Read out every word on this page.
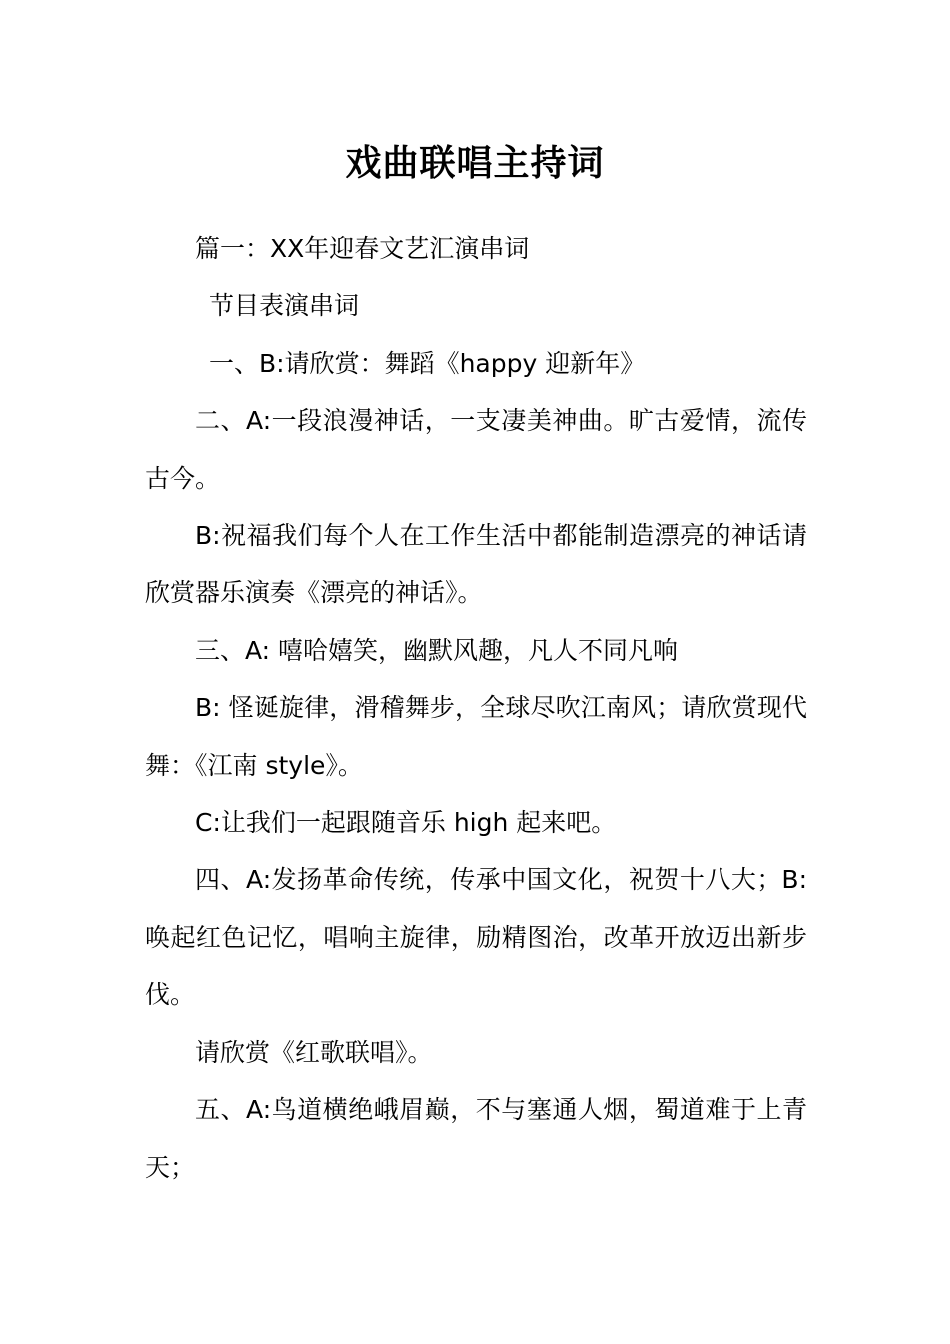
戏曲联唱主持词

篇一：XX年迎春文艺汇演串词

节目表演串词

一、B:请欣赏：舞蹈《happy 迎新年》

二、A:一段浪漫神话，一支凄美神曲。旷古爱情，流传古今。

B:祝福我们每个人在工作生活中都能制造漂亮的神话请欣赏器乐演奏《漂亮的神话》。

三、A: 嘻哈嬉笑，幽默风趣，凡人不同凡响

B: 怪诞旋律，滑稽舞步，全球尽吹江南风；请欣赏现代舞：《江南 style》。

C:让我们一起跟随音乐 high 起来吧。

四、A:发扬革命传统，传承中国文化，祝贺十八大；B:唤起红色记忆，唱响主旋律，励精图治，改革开放迈出新步伐。

请欣赏《红歌联唱》。

五、A:鸟道横绝峨眉巅，不与塞通人烟，蜀道难于上青天；
